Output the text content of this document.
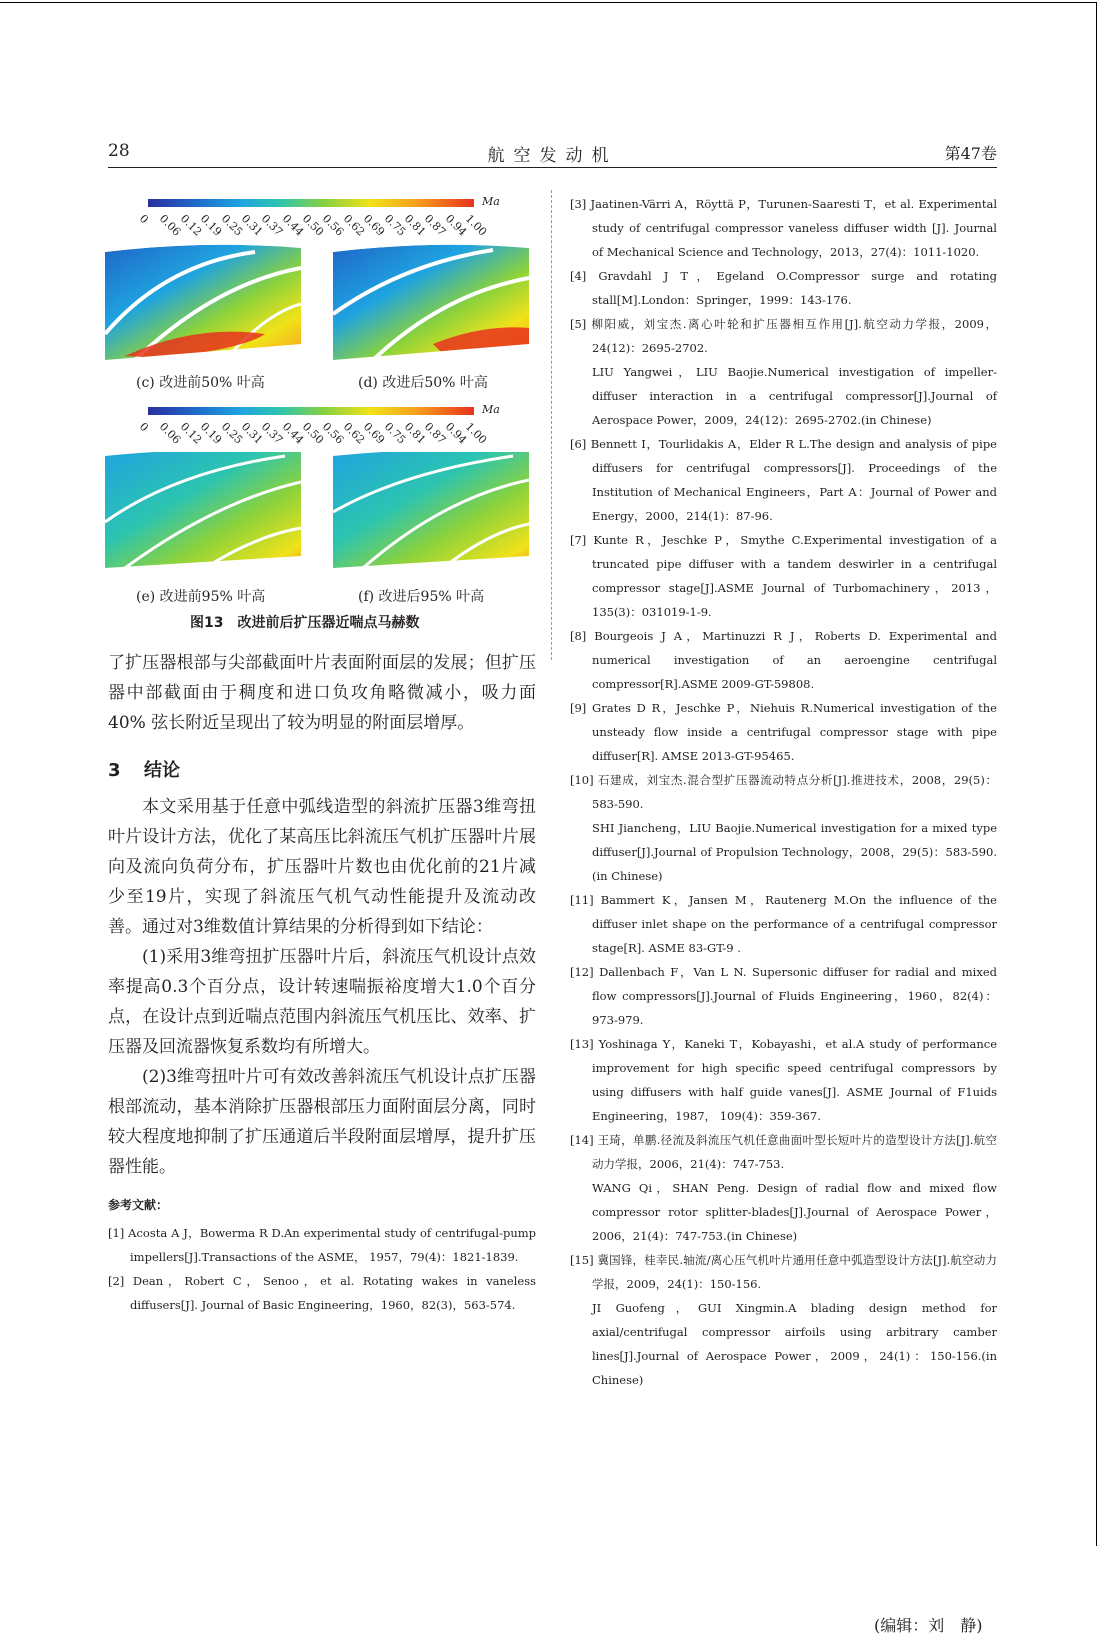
28	航空发动机	第47卷
Ma
0 0.06
0.12
0.19
0.25
0.31
0.37
0.44
0.50
0.56
0.62
0.69
0.75
0.81
0.87
0.94
1.00
(c) 改进前50% 叶高	(d) 改进后50% 叶高
Ma
0 0.06
0.12
0.19
0.25
0.31
0.37
0.44
0.50
0.56
0.62
0.69
0.75
0.81
0.87
0.94
1.00
(e) 改进前95% 叶高	(f) 改进后95% 叶高
图13　改进前后扩压器近喘点马赫数

了扩压器根部与尖部截面叶片表面附面层的发展；但扩压器中部截面由于稠度和进口负攻角略微减小，吸力面40% 弦长附近呈现出了较为明显的附面层增厚。

3 结论

本文采用基于任意中弧线造型的斜流扩压器3维弯扭叶片设计方法，优化了某高压比斜流压气机扩压器叶片展向及流向负荷分布，扩压器叶片数也由优化前的21片减少至19片，实现了斜流压气机气动性能提升及流动改善。通过对3维数值计算结果的分析得到如下结论：

(1)采用3维弯扭扩压器叶片后，斜流压气机设计点效率提高0.3个百分点，设计转速喘振裕度增大1.0个百分点，在设计点到近喘点范围内斜流压气机压比、效率、扩压器及回流器恢复系数均有所增大。

(2)3维弯扭叶片可有效改善斜流压气机设计点扩压器根部流动，基本消除扩压器根部压力面附面层分离，同时较大程度地抑制了扩压通道后半段附面层增厚，提升扩压器性能。

参考文献：

[1] Acosta A J，Bowerma R D.An experimental study of centrifugal-pump impellers[J].Transactions of the ASME， 1957，79(4)：1821-1839.

[2] Dean，Robert C，Senoo，et al. Rotating wakes in vaneless diffusers[J]. Journal of Basic Engineering，1960，82(3)，563-574.

[3] Jaatinen-Värri A，Röyttä P，Turunen-Saaresti T，et al. Experimental study of centrifugal compressor vaneless diffuser width [J]. Journal of Mechanical Science and Technology，2013，27(4)：1011-1020.

[4] Gravdahl J T，Egeland O.Compressor surge and rotating stall[M].London：Springer，1999：143-176.

[5] 柳阳威，刘宝杰.离心叶轮和扩压器相互作用[J].航空动力学报，2009，24(12)：2695-2702.
LIU Yangwei，LIU Baojie.Numerical investigation of impeller-diffuser interaction in a centrifugal compressor[J].Journal of Aerospace Power，2009，24(12)：2695-2702.(in Chinese)

[6] Bennett I，Tourlidakis A，Elder R L.The design and analysis of pipe diffusers for centrifugal compressors[J]. Proceedings of the Institution of Mechanical Engineers，Part A：Journal of Power and Energy，2000，214(1)：87-96.

[7] Kunte R，Jeschke P，Smythe C.Experimental investigation of a truncated pipe diffuser with a tandem deswirler in a centrifugal compressor stage[J].ASME Journal of Turbomachinery，2013，135(3)：031019-1-9.

[8] Bourgeois J A，Martinuzzi R J，Roberts D. Experimental and numerical investigation of an aeroengine centrifugal compressor[R].ASME 2009-GT-59808.

[9] Grates D R，Jeschke P，Niehuis R.Numerical investigation of the unsteady flow inside a centrifugal compressor stage with pipe diffuser[R]. AMSE 2013-GT-95465.

[10] 石建成，刘宝杰.混合型扩压器流动特点分析[J].推进技术，2008，29(5)：583-590.
SHI Jiancheng，LIU Baojie.Numerical investigation for a mixed type diffuser[J].Journal of Propulsion Technology，2008，29(5)：583-590.(in Chinese)

[11] Bammert K，Jansen M，Rautenerg M.On the influence of the diffuser inlet shape on the performance of a centrifugal compressor stage[R]. ASME 83-GT-9 .

[12] Dallenbach F，Van L N. Supersonic diffuser for radial and mixed flow compressors[J].Journal of Fluids Engineering，1960，82(4)：973-979.

[13] Yoshinaga Y，Kaneki T，Kobayashi，et al.A study of performance improvement for high specific speed centrifugal compressors by using diffusers with half guide vanes[J]. ASME Journal of F1uids Engineering，1987， 109(4)：359-367.

[14] 王琦，单鹏.径流及斜流压气机任意曲面叶型长短叶片的造型设计方法[J].航空动力学报，2006，21(4)：747-753.
WANG Qi，SHAN Peng. Design of radial flow and mixed flow compressor rotor splitter-blades[J].Journal of Aerospace Power，2006，21(4)：747-753.(in Chinese)

[15] 冀国锋，桂幸民.轴流/离心压气机叶片通用任意中弧造型设计方法[J].航空动力学报，2009，24(1)：150-156.
JI Guofeng，GUI Xingmin.A blading design method for axial/centrifugal compressor airfoils using arbitrary camber lines[J].Journal of Aerospace Power，2009，24(1)：150-156.(in Chinese)

(编辑：刘　静)
